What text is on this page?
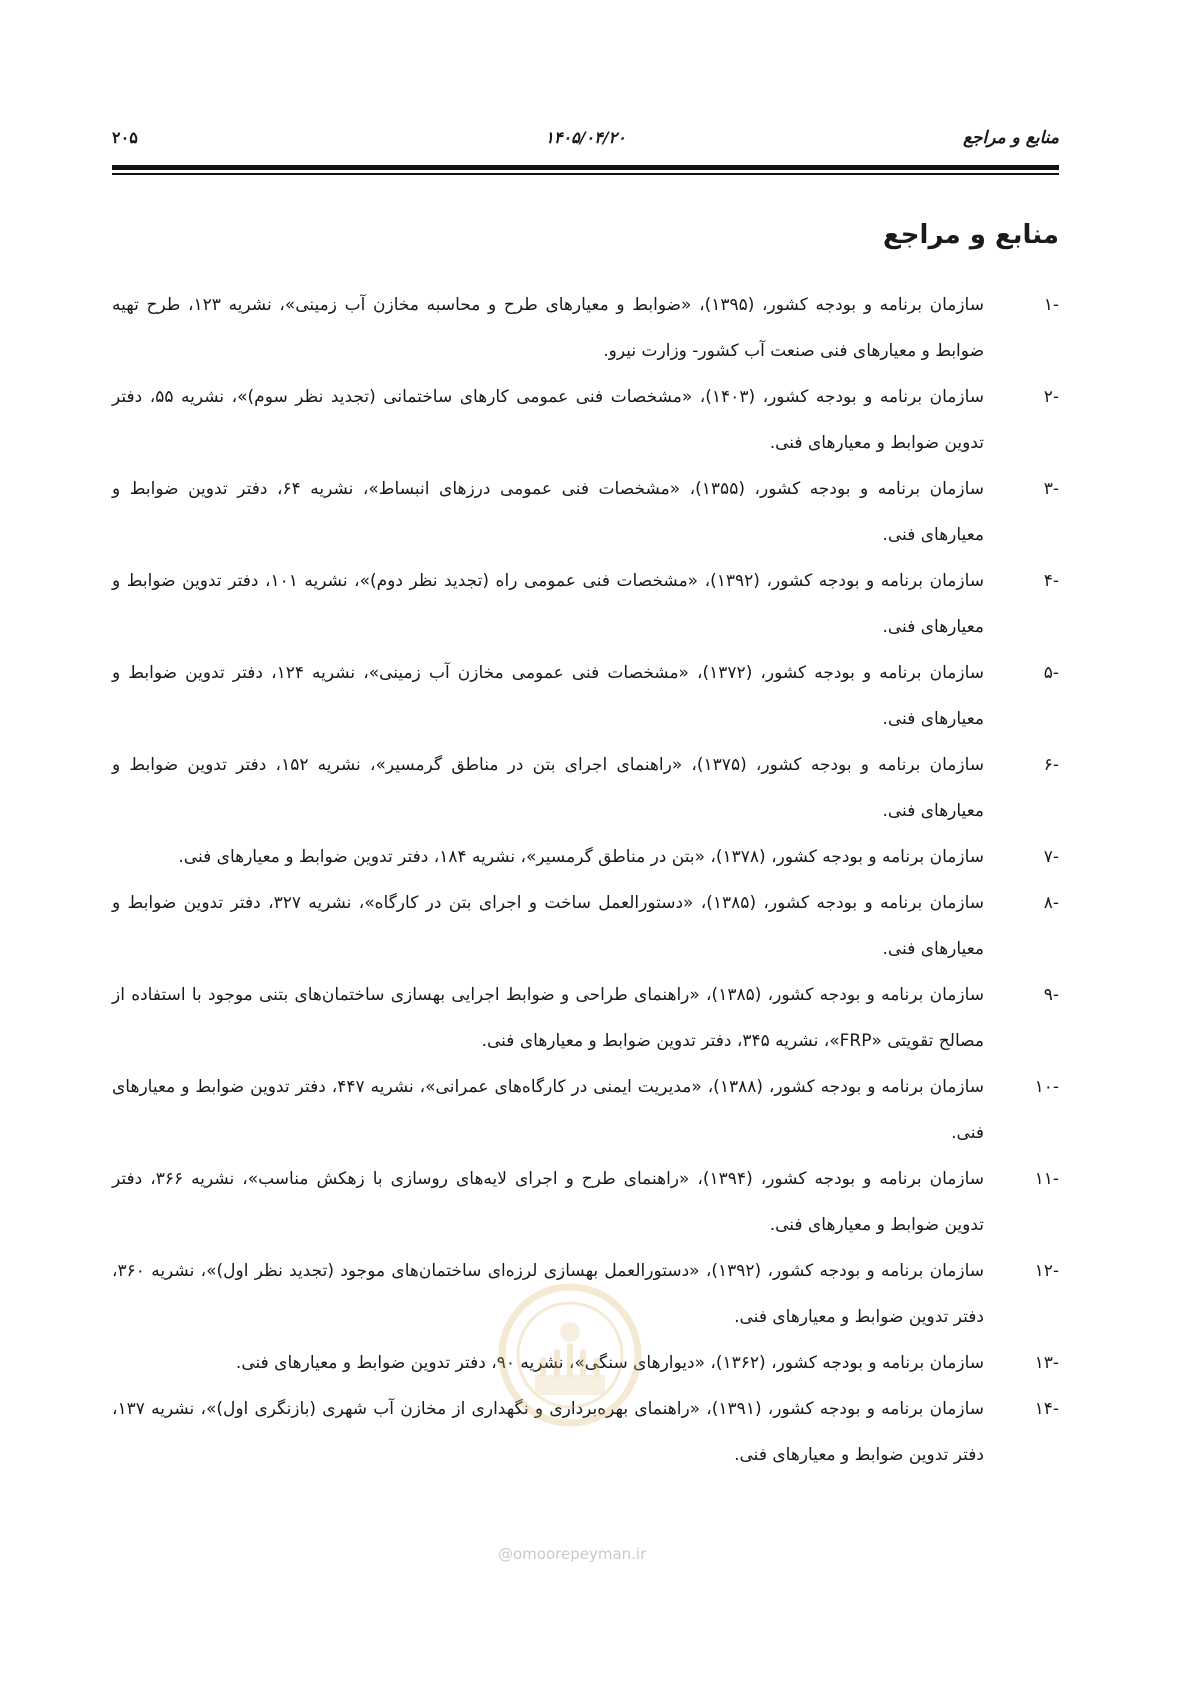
منابع و مراجع
۱۴۰۵/۰۴/۲۰
۲۰۵
منابع و مراجع
-۱
سازمان برنامه و بودجه کشور، (۱۳۹۵)، «ضوابط و معیارهای طرح و محاسبه مخازن آب زمینی»، نشریه ۱۲۳، طرح تهیه ضوابط و معیارهای فنی صنعت آب کشور- وزارت نیرو.
-۲
سازمان برنامه و بودجه کشور، (۱۴۰۳)، «مشخصات فنی عمومی کارهای ساختمانی (تجدید نظر سوم)»، نشریه ۵۵، دفتر تدوین ضوابط و معیارهای فنی.
-۳
سازمان برنامه و بودجه کشور، (۱۳۵۵)، «مشخصات فنی عمومی درزهای انبساط»، نشریه ۶۴، دفتر تدوین ضوابط و معیارهای فنی.
-۴
سازمان برنامه و بودجه کشور، (۱۳۹۲)، «مشخصات فنی عمومی راه (تجدید نظر دوم)»، نشریه ۱۰۱، دفتر تدوین ضوابط و معیارهای فنی.
-۵
سازمان برنامه و بودجه کشور، (۱۳۷۲)، «مشخصات فنی عمومی مخازن آب زمینی»، نشریه ۱۲۴، دفتر تدوین ضوابط و معیارهای فنی.
-۶
سازمان برنامه و بودجه کشور، (۱۳۷۵)، «راهنمای اجرای بتن در مناطق گرمسیر»، نشریه ۱۵۲، دفتر تدوین ضوابط و معیارهای فنی.
-۷
سازمان برنامه و بودجه کشور، (۱۳۷۸)، «بتن در مناطق گرمسیر»، نشریه ۱۸۴، دفتر تدوین ضوابط و معیارهای فنی.
-۸
سازمان برنامه و بودجه کشور، (۱۳۸۵)، «دستورالعمل ساخت و اجرای بتن در کارگاه»، نشریه ۳۲۷، دفتر تدوین ضوابط و معیارهای فنی.
-۹
سازمان برنامه و بودجه کشور، (۱۳۸۵)، «راهنمای طراحی و ضوابط اجرایی بهسازی ساختمان‌های بتنی موجود با استفاده از مصالح تقویتی «FRP»، نشریه ۳۴۵، دفتر تدوین ضوابط و معیارهای فنی.
-۱۰
سازمان برنامه و بودجه کشور، (۱۳۸۸)، «مدیریت ایمنی در کارگاه‌های عمرانی»، نشریه ۴۴۷، دفتر تدوین ضوابط و معیارهای فنی.
-۱۱
سازمان برنامه و بودجه کشور، (۱۳۹۴)، «راهنمای طرح و اجرای لایه‌های روسازی با زهکش مناسب»، نشریه ۳۶۶، دفتر تدوین ضوابط و معیارهای فنی.
-۱۲
سازمان برنامه و بودجه کشور، (۱۳۹۲)، «دستورالعمل بهسازی لرزه‌ای ساختمان‌های موجود (تجدید نظر اول)»، نشریه ۳۶۰، دفتر تدوین ضوابط و معیارهای فنی.
-۱۳
سازمان برنامه و بودجه کشور، (۱۳۶۲)، «دیوارهای سنگی»، نشریه ۹۰، دفتر تدوین ضوابط و معیارهای فنی.
-۱۴
سازمان برنامه و بودجه کشور، (۱۳۹۱)، «راهنمای بهره‌برداری و نگهداری از مخازن آب شهری (بازنگری اول)»، نشریه ۱۳۷، دفتر تدوین ضوابط و معیارهای فنی.
@omoorepeyman.ir
